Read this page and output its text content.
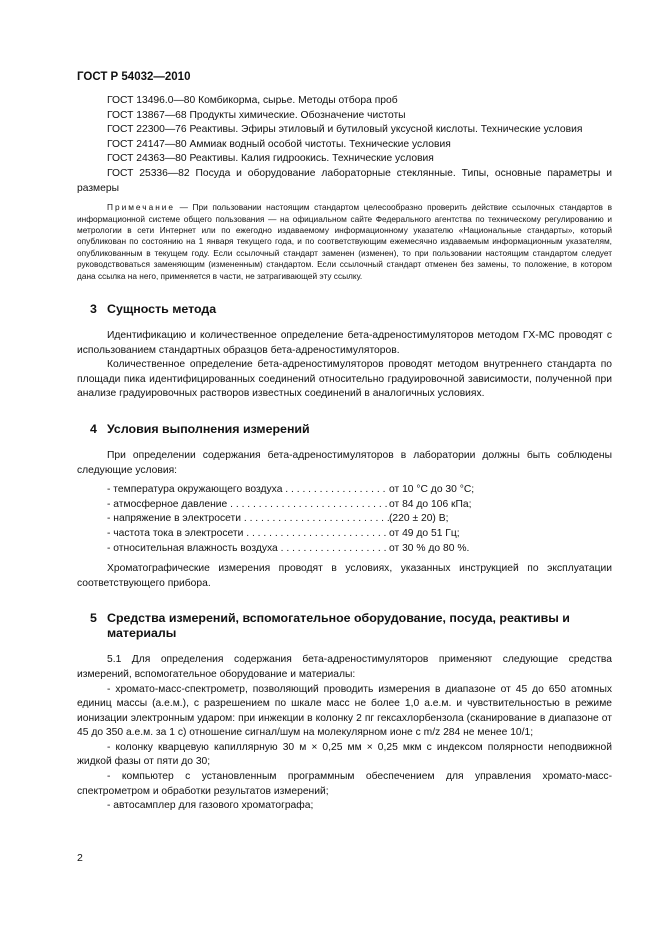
ГОСТ Р 54032—2010

ГОСТ 13496.0—80 Комбикорма, сырье. Методы отбора проб

ГОСТ 13867—68 Продукты химические. Обозначение чистоты

ГОСТ 22300—76 Реактивы. Эфиры этиловый и бутиловый уксусной кислоты. Технические условия

ГОСТ 24147—80 Аммиак водный особой чистоты. Технические условия

ГОСТ 24363—80 Реактивы. Калия гидроокись. Технические условия

ГОСТ 25336—82 Посуда и оборудование лабораторные стеклянные. Типы, основные параметры и размеры

Примечание — При пользовании настоящим стандартом целесообразно проверить действие ссылочных стандартов в информационной системе общего пользования — на официальном сайте Федерального агентства по техническому регулированию и метрологии в сети Интернет или по ежегодно издаваемому информационному указателю «Национальные стандарты», который опубликован по состоянию на 1 января текущего года, и по соответствующим ежемесячно издаваемым информационным указателям, опубликованным в текущем году. Если ссылочный стандарт заменен (изменен), то при пользовании настоящим стандартом следует руководствоваться заменяющим (измененным) стандартом. Если ссылочный стандарт отменен без замены, то положение, в котором дана ссылка на него, применяется в части, не затрагивающей эту ссылку.

3 Сущность метода

Идентификацию и количественное определение бета-адреностимуляторов методом ГХ-МС проводят с использованием стандартных образцов бета-адреностимуляторов.

Количественное определение бета-адреностимуляторов проводят методом внутреннего стандарта по площади пика идентифицированных соединений относительно градуировочной зависимости, полученной при анализе градуировочных растворов известных соединений в аналогичных условиях.

4 Условия выполнения измерений

При определении содержания бета-адреностимуляторов в лаборатории должны быть соблюдены следующие условия:

- температура окружающего воздуха . . .	от 10 °С до 30 °С;
- атмосферное давление . . .	от 84 до 106 кПа;
- напряжение в электросети . . .	(220 ± 20) В;
- частота тока в электросети . . .	от 49 до 51 Гц;
- относительная влажность воздуха . . .	от 30 % до 80 %.

Хроматографические измерения проводят в условиях, указанных инструкцией по эксплуатации соответствующего прибора.

5 Средства измерений, вспомогательное оборудование, посуда, реактивы и материалы

5.1 Для определения содержания бета-адреностимуляторов применяют следующие средства измерений, вспомогательное оборудование и материалы:

- хромато-масс-спектрометр, позволяющий проводить измерения в диапазоне от 45 до 650 атомных единиц массы (а.е.м.), с разрешением по шкале масс не более 1,0 а.е.м. и чувствительностью в режиме ионизации электронным ударом: при инжекции в колонку 2 пг гексахлорбензола (сканирование в диапазоне от 45 до 350 а.е.м. за 1 с) отношение сигнал/шум на молекулярном ионе с m/z 284 не менее 10/1;

- колонку кварцевую капиллярную 30 м × 0,25 мм × 0,25 мкм с индексом полярности неподвижной жидкой фазы от пяти до 30;

- компьютер с установленным программным обеспечением для управления хромато-масс-спектрометром и обработки результатов измерений;

- автосамплер для газового хроматографа;

2
